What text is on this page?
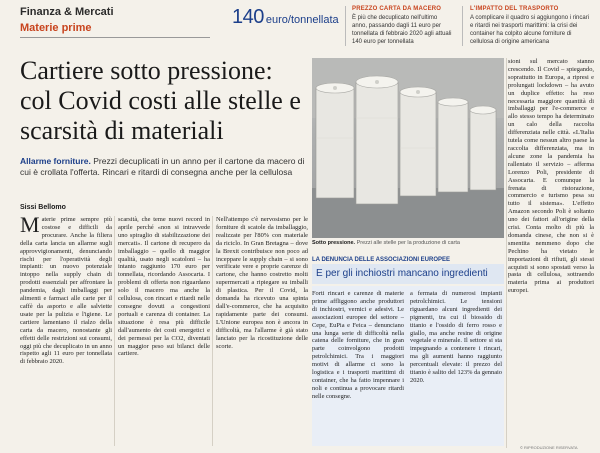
Finanza & Mercati
Materie prime	140 euro/tonnellata
PREZZO CARTA DA MACERO
È più che decuplicato nell'ultimo anno, passando dagli 11 euro per tonnellata di febbraio 2020 agli attuali 140 euro per tonnellata
L'IMPATTO DEL TRASPORTO
A complicare il quadro si aggiungono i rincari e ritardi nei trasporti marittimi: la crisi dei container ha colpito alcune forniture di cellulosa di origine americana
Cartiere sotto pressione: col Covid costi alle stelle e scarsità di materiali
Allarme forniture. Prezzi decuplicati in un anno per il cartone da macero di cui è crollata l'offerta. Rincari e ritardi di consegna anche per la cellulosa
Sotto pressione. Prezzi alle stelle per la produzione di carta
Sissi Bellomo
Materie prime sempre più costose e difficili da procurare. Anche la filiera della carta lancia un allarme sugli approvvigionamenti, denunciando rischi per l'operatività degli impianti: un nuovo potenziale intoppo nella supply chain di prodotti essenziali per affrontare la pandemia, dagli imballaggi per alimenti e farmaci alle carte per il caffè da asporto e alle salviette usate per la pulizia e l'igiene. Le cartiere lamentano il rialzo della carta da macero, nonostante gli effetti delle restrizioni sui consumi, oggi più che decuplicato in un anno rispetto agli 11 euro per tonnellata di febbraio 2020.
scarsità, che teme nuovi record in aprile perché «non si intravvede uno spiraglio di stabilizzazione dei mercati». Il cartone di recupero da imballaggio – quello di maggior qualità, usato negli scatoloni – ha intanto raggiunto 170 euro per tonnellata, ricordando Assocarta. I problemi di offerta non riguardano solo il macero ma anche la cellulosa, con rincari e ritardi nelle consegne dovuti a congestioni portuali e carenza di container. La situazione è resa più difficile dall'aumento dei costi energetici e dei permessi per la CO2, diventati un maggior peso sui bilanci delle cartiere.
Nell'attempo c'è nervosismo per le forniture di scatole da imballaggio, realizzate per l'80% con materiale da riciclo. In Gran Bretagna – dove la Brexit contribuisce non poco ad inceppare le supply chain – si sono verificate vere e proprie carenze di cartone, che hanno costretto molti supermercati a ripiegare su imballi di plastica. Per il Covid, la domanda ha ricevuto una spinta dall'e-commerce, che ha acquisito rapidamente parte dei consumi. L'Unione europea non è ancora in difficoltà, ma l'allarme è già stato lanciato per la ricostituzione delle scorte.
sioni sul mercato stanno crescendo. Il Covid – spiegando, soprattutto in Europa, a ripresi e prolungati lockdown – ha avuto un duplice effetto: ha reso necessaria maggiore quantità di imballaggi per l'e-commerce e allo stesso tempo ha determinato un calo della raccolta differenziata nelle città. «L'Italia tutela come nessun altro paese la raccolta differenziata, ma in alcune zone la pandemia ha rallentato il servizio – afferma Lorenzo Poli, presidente di Assocarta. E comunque la frenata di ristorazione, commercio e turismo pesa su tutto il sistema». L'effetto Amazon secondo Poli è soltanto uno dei fattori all'origine della crisi. Conta molto di più la domanda cinese, che non si è smentita nemmeno dopo che Pechino ha vietato le importazioni di rifiuti, gli stessi acquisti si sono spostati verso la pasta di cellulosa, sottraendo materia prima ai produttori europei.
LA DENUNCIA DELLE ASSOCIAZIONI EUROPEE
E per gli inchiostri mancano ingredienti
Forti rincari e carenze di materie prime affliggono anche produttori di inchiostri, vernici e adesivi. Le associazioni europee del settore – Cepe, EuPia e Feica – denunciano una lunga serie di difficoltà nella catena delle forniture, che in gran parte coinvolgono prodotti petrolchimici. Tra i maggiori motivi di allarme ci sono la logistica e i trasporti marittimi di container, che ha fatto impennare i noli e continua a provocare ritardi nelle consegne.
a fermata di numerosi impianti petrolchimici. Le tensioni riguardano alcuni ingredienti dei pigmenti, tra cui il biossido di titanio e l'ossido di ferro rosso e giallo, ma anche resine di origine vegetale e minerale. Il settore si sta impegnando a contenere i rincari, ma gli aumenti hanno raggiunto percentuali elevate: il prezzo del titanio è salito del 123% da gennaio 2020.
© RIPRODUZIONE RISERVATA
